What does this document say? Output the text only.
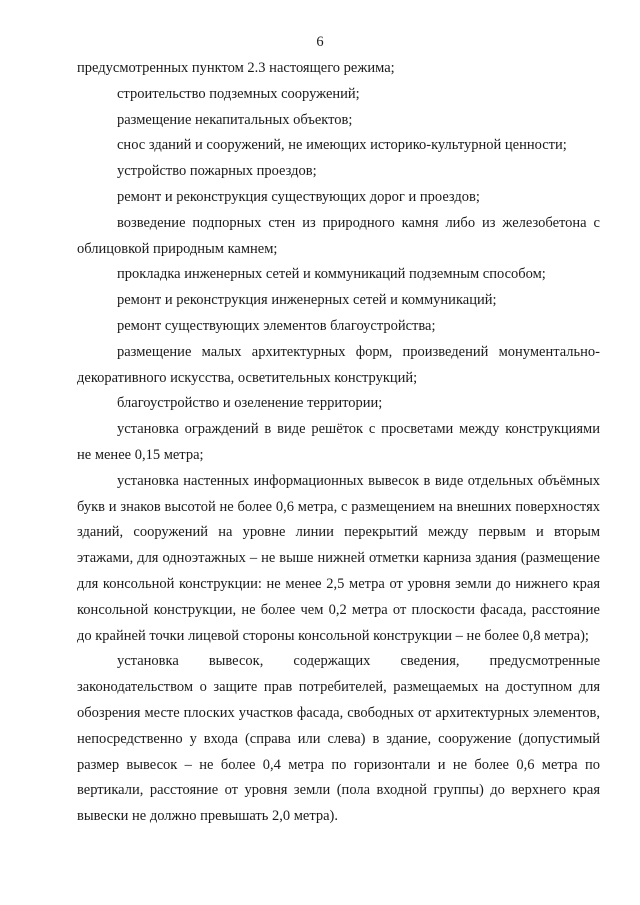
6

предусмотренных пунктом 2.3 настоящего режима;

строительство подземных сооружений;

размещение некапитальных объектов;

снос зданий и сооружений, не имеющих историко-культурной ценности;

устройство пожарных проездов;

ремонт и реконструкция существующих дорог и проездов;

возведение подпорных стен из природного камня либо из железобетона с облицовкой природным камнем;

прокладка инженерных сетей и коммуникаций подземным способом;

ремонт и реконструкция инженерных сетей и коммуникаций;

ремонт существующих элементов благоустройства;

размещение малых архитектурных форм, произведений монументально-декоративного искусства, осветительных конструкций;

благоустройство и озеленение территории;

установка ограждений в виде решёток с просветами между конструкциями не менее 0,15 метра;

установка настенных информационных вывесок в виде отдельных объёмных букв и знаков высотой не более 0,6 метра, с размещением на внешних поверхностях зданий, сооружений на уровне линии перекрытий между первым и вторым этажами, для одноэтажных – не выше нижней отметки карниза здания (размещение для консольной конструкции: не менее 2,5 метра от уровня земли до нижнего края консольной конструкции, не более чем 0,2 метра от плоскости фасада, расстояние до крайней точки лицевой стороны консольной конструкции – не более 0,8 метра);

установка вывесок, содержащих сведения, предусмотренные законодательством о защите прав потребителей, размещаемых на доступном для обозрения месте плоских участков фасада, свободных от архитектурных элементов, непосредственно у входа (справа или слева) в здание, сооружение (допустимый размер вывесок – не более 0,4 метра по горизонтали и не более 0,6 метра по вертикали, расстояние от уровня земли (пола входной группы) до верхнего края вывески не должно превышать 2,0 метра).
